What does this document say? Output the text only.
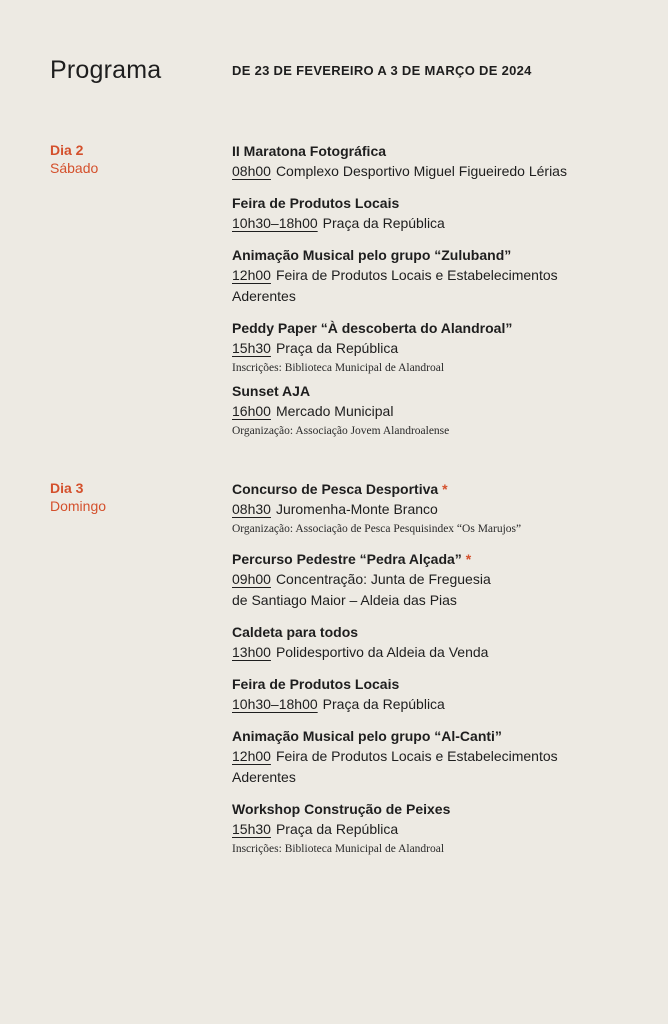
Programa	DE 23 DE FEVEREIRO A 3 DE MARÇO DE 2024
Dia 2
Sábado
II Maratona Fotográfica
08h00 Complexo Desportivo Miguel Figueiredo Lérias
Feira de Produtos Locais
10h30–18h00 Praça da República
Animação Musical pelo grupo “Zuluband”
12h00 Feira de Produtos Locais e Estabelecimentos
Aderentes
Peddy Paper “À descoberta do Alandroal”
15h30 Praça da República
Inscrições: Biblioteca Municipal de Alandroal
Sunset AJA
16h00 Mercado Municipal
Organização: Associação Jovem Alandroalense
Dia 3
Domingo
Concurso de Pesca Desportiva *
08h30 Juromenha-Monte Branco
Organização: Associação de Pesca Pesquisindex “Os Marujos”
Percurso Pedestre “Pedra Alçada” *
09h00 Concentração: Junta de Freguesia
de Santiago Maior – Aldeia das Pias
Caldeta para todos
13h00 Polidesportivo da Aldeia da Venda
Feira de Produtos Locais
10h30–18h00 Praça da República
Animação Musical pelo grupo “Al-Canti”
12h00 Feira de Produtos Locais e Estabelecimentos
Aderentes
Workshop Construção de Peixes
15h30 Praça da República
Inscrições: Biblioteca Municipal de Alandroal
